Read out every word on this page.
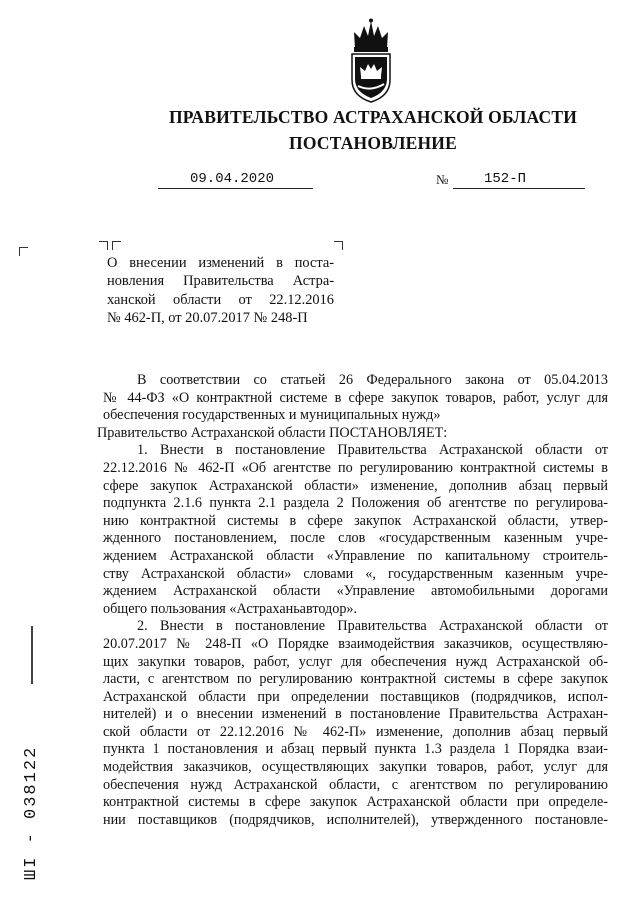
ПРАВИТЕЛЬСТВО АСТРАХАНСКОЙ ОБЛАСТИ
ПОСТАНОВЛЕНИЕ
09.04.2020	№	152-П
О внесении изменений в поста-
новления Правительства Астра-
ханской области от 22.12.2016
№ 462-П, от 20.07.2017 № 248-П

В соответствии со статьей 26 Федерального закона от 05.04.2013
№ 44-ФЗ «О контрактной системе в сфере закупок товаров, работ, услуг для
обеспечения государственных и муниципальных нужд»

Правительство Астраханской области ПОСТАНОВЛЯЕТ:

1. Внести в постановление Правительства Астраханской области от
22.12.2016 № 462-П «Об агентстве по регулированию контрактной системы в
сфере закупок Астраханской области» изменение, дополнив абзац первый
подпункта 2.1.6 пункта 2.1 раздела 2 Положения об агентстве по регулирова-
нию контрактной системы в сфере закупок Астраханской области, утвер-
жденного постановлением, после слов «государственным казенным учре-
ждением Астраханской области «Управление по капитальному строитель-
ству Астраханской области» словами «, государственным казенным учре-
ждением Астраханской области «Управление автомобильными дорогами
общего пользования «Астраханьавтодор».

2. Внести в постановление Правительства Астраханской области от
20.07.2017 № 248-П «О Порядке взаимодействия заказчиков, осуществляю-
щих закупки товаров, работ, услуг для обеспечения нужд Астраханской об-
ласти, с агентством по регулированию контрактной системы в сфере закупок
Астраханской области при определении поставщиков (подрядчиков, испол-
нителей) и о внесении изменений в постановление Правительства Астрахан-
ской области от 22.12.2016 № 462-П» изменение, дополнив абзац первый
пункта 1 постановления и абзац первый пункта 1.3 раздела 1 Порядка взаи-
модействия заказчиков, осуществляющих закупки товаров, работ, услуг для
обеспечения нужд Астраханской области, с агентством по регулированию
контрактной системы в сфере закупок Астраханской области при определе-
нии поставщиков (подрядчиков, исполнителей), утвержденного постановле-

ШІ - 038122
